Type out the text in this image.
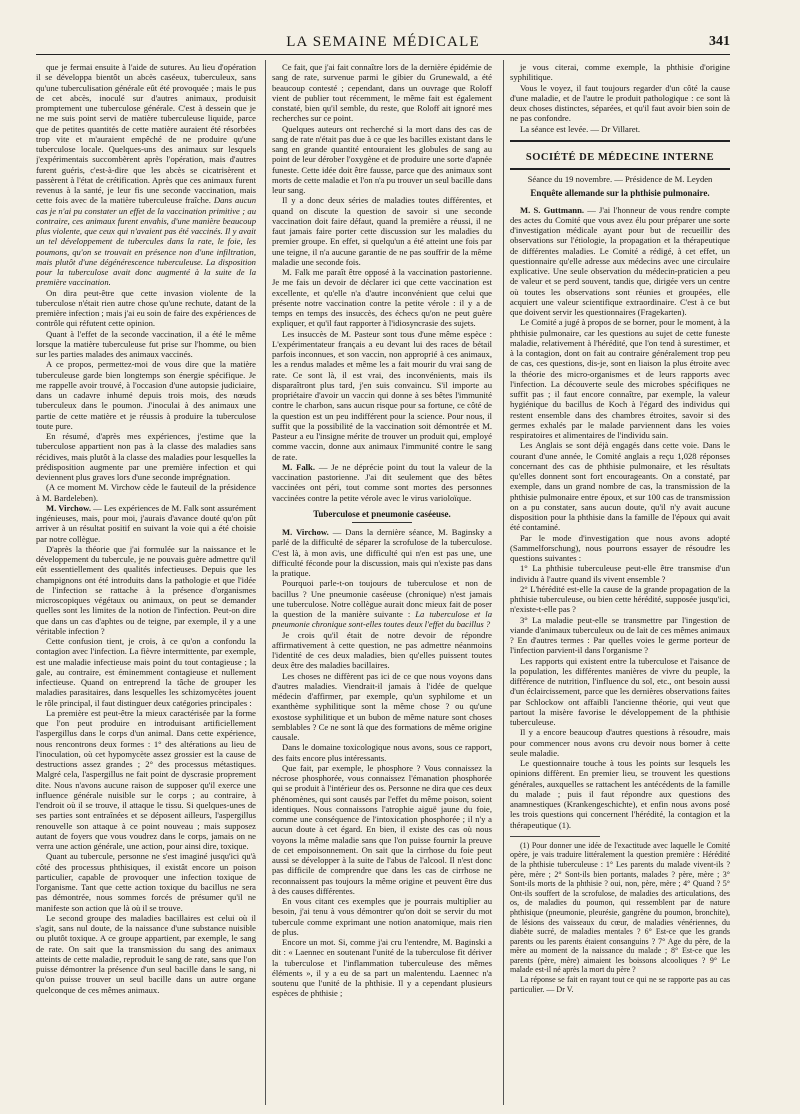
LA SEMAINE MÉDICALE	341

que je fermai ensuite à l'aide de sutures. Au lieu d'opération il se développa bientôt un abcès caséeux, tuberculeux, sans qu'une tuberculisation générale eût été provoquée ; mais le pus de cet abcès, inoculé sur d'autres animaux, produisit promptement une tuberculose générale. C'est à dessein que je ne me suis point servi de matière tuberculeuse liquide, parce que de petites quantités de cette matière auraient été résorbées trop vite et m'auraient empêché de ne produire qu'une tuberculose locale. Quelques-uns des animaux sur lesquels j'expérimentais succombèrent après l'opération, mais d'autres furent guéris, c'est-à-dire que les abcès se cicatrisèrent et passèrent à l'état de crétification. Après que ces animaux furent revenus à la santé, je leur fis une seconde vaccination, mais cette fois avec de la matière tuberculeuse fraîche. Dans aucun cas je n'ai pu constater un effet de la vaccination primitive ; au contraire, ces animaux furent envahis, d'une manière beaucoup plus violente, que ceux qui n'avaient pas été vaccinés. Il y avait un tel développement de tubercules dans la rate, le foie, les poumons, qu'on se trouvait en présence non d'une infiltration, mais plutôt d'une dégénérescence tuberculeuse. La disposition pour la tuberculose avait donc augmenté à la suite de la première vaccination.

On dira peut-être que cette invasion violente de la tuberculose n'était rien autre chose qu'une rechute, datant de la première infection ; mais j'ai eu soin de faire des expériences de contrôle qui réfutent cette opinion.

Quant à l'effet de la seconde vaccination, il a été le même lorsque la matière tuberculeuse fut prise sur l'homme, ou bien sur les parties malades des animaux vaccinés.

A ce propos, permettez-moi de vous dire que la matière tuberculeuse garde bien longtemps son énergie spécifique. Je me rappelle avoir trouvé, à l'occasion d'une autopsie judiciaire, dans un cadavre inhumé depuis trois mois, des nœuds tuberculeux dans le poumon. J'inoculai à des animaux une partie de cette matière et je réussis à produire la tuberculose toute pure.

En résumé, d'après mes expériences, j'estime que la tuberculose appartient non pas à la classe des maladies sans récidives, mais plutôt à la classe des maladies pour lesquelles la prédisposition augmente par une première infection et qui deviennent plus graves lors d'une seconde imprégnation.

(A ce moment M. Virchow cède le fauteuil de la présidence à M. Bardeleben).

M. Virchow. — Les expériences de M. Falk sont assurément ingénieuses, mais, pour moi, j'aurais d'avance douté qu'on pût arriver à un résultat positif en suivant la voie qui a été choisie par notre collègue.

D'après la théorie que j'ai formulée sur la naissance et le développement du tubercule, je ne pouvais guère admettre qu'il eût essentiellement des qualités infectieuses. Depuis que les champignons ont été introduits dans la pathologie et que l'idée de l'infection se rattache à la présence d'organismes microscopiques végétaux ou animaux, on peut se demander quelles sont les limites de la notion de l'infection. Peut-on dire que dans un cas d'aphtes ou de teigne, par exemple, il y a une véritable infection ?

Cette confusion tient, je crois, à ce qu'on a confondu la contagion avec l'infection. La fièvre intermittente, par exemple, est une maladie infectieuse mais point du tout contagieuse ; la gale, au contraire, est éminemment contagieuse et nullement infectieuse. Quand on entreprend la tâche de grouper les maladies parasitaires, dans lesquelles les schizomycètes jouent le rôle principal, il faut distinguer deux catégories principales :

La première est peut-être la mieux caractérisée par la forme que l'on peut produire en introduisant artificiellement l'aspergillus dans le corps d'un animal. Dans cette expérience, nous rencontrons deux formes : 1° des altérations au lieu de l'inoculation, où cet hypomycète assez grossier est la cause de destructions assez grandes ; 2° des processus métastiques. Malgré cela, l'aspergillus ne fait point de dyscrasie proprement dite. Nous n'avons aucune raison de supposer qu'il exerce une influence générale nuisible sur le corps ; au contraire, à l'endroit où il se trouve, il attaque le tissu. Si quelques-unes de ses parties sont entraînées et se déposent ailleurs, l'aspergillus renouvelle son attaque à ce point nouveau ; mais supposez autant de foyers que vous voudrez dans le corps, jamais on ne verra une action générale, une action, pour ainsi dire, toxique.

Quant au tubercule, personne ne s'est imaginé jusqu'ici qu'à côté des processus phthisiques, il existât encore un poison particulier, capable de provoquer une infection toxique de l'organisme. Tant que cette action toxique du bacillus ne sera pas démontrée, nous sommes forcés de présumer qu'il ne manifeste son action que là où il se trouve.

Le second groupe des maladies bacillaires est celui où il s'agit, sans nul doute, de la naissance d'une substance nuisible ou plutôt toxique. A ce groupe appartient, par exemple, le sang de rate. On sait que la transmission du sang des animaux atteints de cette maladie, reproduit le sang de rate, sans que l'on puisse démontrer la présence d'un seul bacille dans le sang, ni qu'on puisse trouver un seul bacille dans un autre organe quelconque de ces mêmes animaux.

Ce fait, que j'ai fait connaître lors de la dernière épidémie de sang de rate, survenue parmi le gibier du Grunewald, a été beaucoup contesté ; cependant, dans un ouvrage que Roloff vient de publier tout récemment, le même fait est également constaté, bien qu'il semble, du reste, que Roloff ait ignoré mes recherches sur ce point.

Quelques auteurs ont recherché si la mort dans des cas de sang de rate n'était pas due à ce que les bacilles existant dans le sang en grande quantité entouraient les globules de sang au point de leur dérober l'oxygène et de produire une sorte d'apnée funeste. Cette idée doit être fausse, parce que des animaux sont morts de cette maladie et l'on n'a pu trouver un seul bacille dans leur sang.

Il y a donc deux séries de maladies toutes différentes, et quand on discute la question de savoir si une seconde vaccination doit faire défaut, quand la première a réussi, il ne faut jamais faire porter cette discussion sur les maladies du premier groupe. En effet, si quelqu'un a été atteint une fois par une teigne, il n'a aucune garantie de ne pas souffrir de la même maladie une seconde fois.

M. Falk me paraît être opposé à la vaccination pastorienne. Je me fais un devoir de déclarer ici que cette vaccination est excellente, et qu'elle n'a d'autre inconvénient que celui que présente notre vaccination contre la petite vérole : il y a de temps en temps des insuccès, des échecs qu'on ne peut guère expliquer, et qu'il faut rapporter à l'idiosyncrasie des sujets.

Les insuccès de M. Pasteur sont tous d'une même espèce : L'expérimentateur français a eu devant lui des races de bétail parfois inconnues, et son vaccin, non approprié à ces animaux, les a rendus malades et même les a fait mourir du vrai sang de rate. Ce sont là, il est vrai, des inconvénients, mais ils disparaîtront plus tard, j'en suis convaincu. S'il importe au propriétaire d'avoir un vaccin qui donne à ses bêtes l'immunité contre le charbon, sans aucun risque pour sa fortune, ce côté de la question est un peu indifférent pour la science. Pour nous, il suffit que la possibilité de la vaccination soit démontrée et M. Pasteur a eu l'insigne mérite de trouver un produit qui, employé comme vaccin, donne aux animaux l'immunité contre le sang de rate.

M. Falk. — Je ne déprécie point du tout la valeur de la vaccination pastorienne. J'ai dit seulement que des bêtes vaccinées ont péri, tout comme sont mortes des personnes vaccinées contre la petite vérole avec le virus varioloïque.

Tuberculose et pneumonie caséeuse.

M. Virchow. — Dans la dernière séance, M. Baginsky a parlé de la difficulté de séparer la scrofulose de la tuberculose. C'est là, à mon avis, une difficulté qui n'en est pas une, une difficulté féconde pour la discussion, mais qui n'existe pas dans la pratique.

Pourquoi parle-t-on toujours de tuberculose et non de bacillus ? Une pneumonie caséeuse (chronique) n'est jamais une tuberculose. Notre collègue aurait donc mieux fait de poser la question de la manière suivante : La tuberculose et la pneumonie chronique sont-elles toutes deux l'effet du bacillus ?

Je crois qu'il était de notre devoir de répondre affirmativement à cette question, ne pas admettre néanmoins l'identité de ces deux maladies, bien qu'elles puissent toutes deux être des maladies bacillaires.

Les choses ne diffèrent pas ici de ce que nous voyons dans d'autres maladies. Viendrait-il jamais à l'idée de quelque médecin d'affirmer, par exemple, qu'un syphilome et un exanthème syphilitique sont la même chose ? ou qu'une exostose syphilitique et un bubon de même nature sont choses semblables ? Ce ne sont là que des formations de même origine causale.

Dans le domaine toxicologique nous avons, sous ce rapport, des faits encore plus intéressants.

Que fait, par exemple, le phosphore ? Vous connaissez la nécrose phosphorée, vous connaissez l'émanation phosphorée qui se produit à l'intérieur des os. Personne ne dira que ces deux phénomènes, qui sont causés par l'effet du même poison, soient identiques. Nous connaissons l'atrophie aiguë jaune du foie, comme une conséquence de l'intoxication phosphorée ; il n'y a aucun doute à cet égard. En bien, il existe des cas où nous voyons la même maladie sans que l'on puisse fournir la preuve de cet empoisonnement. On sait que la cirrhose du foie peut aussi se développer à la suite de l'abus de l'alcool. Il n'est donc pas difficile de comprendre que dans les cas de cirrhose ne reconnaissent pas toujours la même origine et peuvent être dus à des causes différentes.

En vous citant ces exemples que je pourrais multiplier au besoin, j'ai tenu à vous démontrer qu'on doit se servir du mot tubercule comme exprimant une notion anatomique, mais rien de plus.

Encore un mot. Si, comme j'ai cru l'entendre, M. Baginski a dit : « Laennec en soutenant l'unité de la tuberculose fit dériver la tuberculose et l'inflammation tuberculeuse des mêmes éléments », il y a eu de sa part un malentendu. Laennec n'a soutenu que l'unité de la phthisie. Il y a cependant plusieurs espèces de phthisie ;

je vous citerai, comme exemple, la phthisie d'origine syphilitique.

Vous le voyez, il faut toujours regarder d'un côté la cause d'une maladie, et de l'autre le produit pathologique : ce sont là deux choses distinctes, séparées, et qu'il faut avoir bien soin de ne pas confondre.

La séance est levée. — Dr Villaret.

SOCIÉTÉ DE MÉDECINE INTERNE

Séance du 19 novembre. — Présidence de M. Leyden

Enquête allemande sur la phthisie pulmonaire.

M. S. Guttmann. — J'ai l'honneur de vous rendre compte des actes du Comité que vous avez élu pour préparer une sorte d'investigation médicale ayant pour but de recueillir des observations sur l'étiologie, la propagation et la thérapeutique de différentes maladies. Le Comité a rédigé, à cet effet, un questionnaire qu'elle adresse aux médecins avec une circulaire explicative. Une seule observation du médecin-praticien a peu de valeur et se perd souvent, tandis que, dirigée vers un centre où toutes les observations sont réunies et groupées, elle acquiert une valeur scientifique extraordinaire. C'est à ce but que doivent servir les questionnaires (Fragekarten).

Le Comité a jugé à propos de se borner, pour le moment, à la phthisie pulmonaire, car les questions au sujet de cette funeste maladie, relativement à l'hérédité, que l'on tend à surestimer, et à la contagion, dont on fait au contraire généralement trop peu de cas, ces questions, dis-je, sont en liaison la plus étroite avec la théorie des micro-organismes et de leurs rapports avec l'infection. La découverte seule des microbes spécifiques ne suffit pas ; il faut encore connaître, par exemple, la valeur hygiénique du bacillus de Koch à l'égard des individus qui restent ensemble dans des chambres étroites, savoir si des germes exhalés par le malade parviennent dans les voies respiratoires et alimentaires de l'individu sain.

Les Anglais se sont déjà engagés dans cette voie. Dans le courant d'une année, le Comité anglais a reçu 1,028 réponses concernant des cas de phthisie pulmonaire, et les résultats qu'elles donnent sont fort encourageants. On a constaté, par exemple, dans un grand nombre de cas, la transmission de la phthisie pulmonaire entre époux, et sur 100 cas de transmission on a pu constater, sans aucun doute, qu'il n'y avait aucune disposition pour la phthisie dans la famille de l'époux qui avait été contaminé.

Par le mode d'investigation que nous avons adopté (Sammelforschung), nous pourrons essayer de résoudre les questions suivantes :

1° La phthisie tuberculeuse peut-elle être transmise d'un individu à l'autre quand ils vivent ensemble ?

2° L'hérédité est-elle la cause de la grande propagation de la phthisie tuberculeuse, ou bien cette hérédité, supposée jusqu'ici, n'existe-t-elle pas ?

3° La maladie peut-elle se transmettre par l'ingestion de viande d'animaux tuberculeux ou de lait de ces mêmes animaux ? En d'autres termes : Par quelles voies le germe porteur de l'infection parvient-il dans l'organisme ?

Les rapports qui existent entre la tuberculose et l'aisance de la population, les différentes manières de vivre du peuple, la différence de nutrition, l'influence du sol, etc., ont besoin aussi d'un éclaircissement, parce que les dernières observations faites par Schlockow ont affaibli l'ancienne théorie, qui veut que partout la misère favorise le développement de la phthisie tuberculeuse.

Il y a encore beaucoup d'autres questions à résoudre, mais pour commencer nous avons cru devoir nous borner à cette seule maladie.

Le questionnaire touche à tous les points sur lesquels les opinions diffèrent. En premier lieu, se trouvent les questions générales, auxquelles se rattachent les antécédents de la famille du malade ; puis il faut répondre aux questions des anamnestiques (Krankengeschichte), et enfin nous avons posé les trois questions qui concernent l'hérédité, la contagion et la thérapeutique (1).

(1) Pour donner une idée de l'exactitude avec laquelle le Comité opère, je vais traduire littéralement la question première : Hérédité de la phthisie tuberculeuse : 1° Les parents du malade vivent-ils ? père, mère ; 2° Sont-ils bien portants, malades ? père, mère ; 3° Sont-ils morts de la phthisie ? oui, non, père, mère ; 4° Quand ? 5° Ont-ils souffert de la scrofulose, de maladies des articulations, des os, de maladies du poumon, qui ressemblent par de nature phthisique (pneumonie, pleurésie, gangrène du poumon, bronchite), de lésions des vaisseaux du cœur, de maladies vénériennes, du diabète sucré, de maladies mentales ? 6° Est-ce que les grands parents ou les parents étaient consanguins ? 7° Age du père, de la mère au moment de la naissance du malade ; 8° Est-ce que les parents (père, mère) aimaient les boissons alcooliques ? 9° Le malade est-il né après la mort du père ?

La réponse se fait en rayant tout ce qui ne se rapporte pas au cas particulier. — Dr V.
